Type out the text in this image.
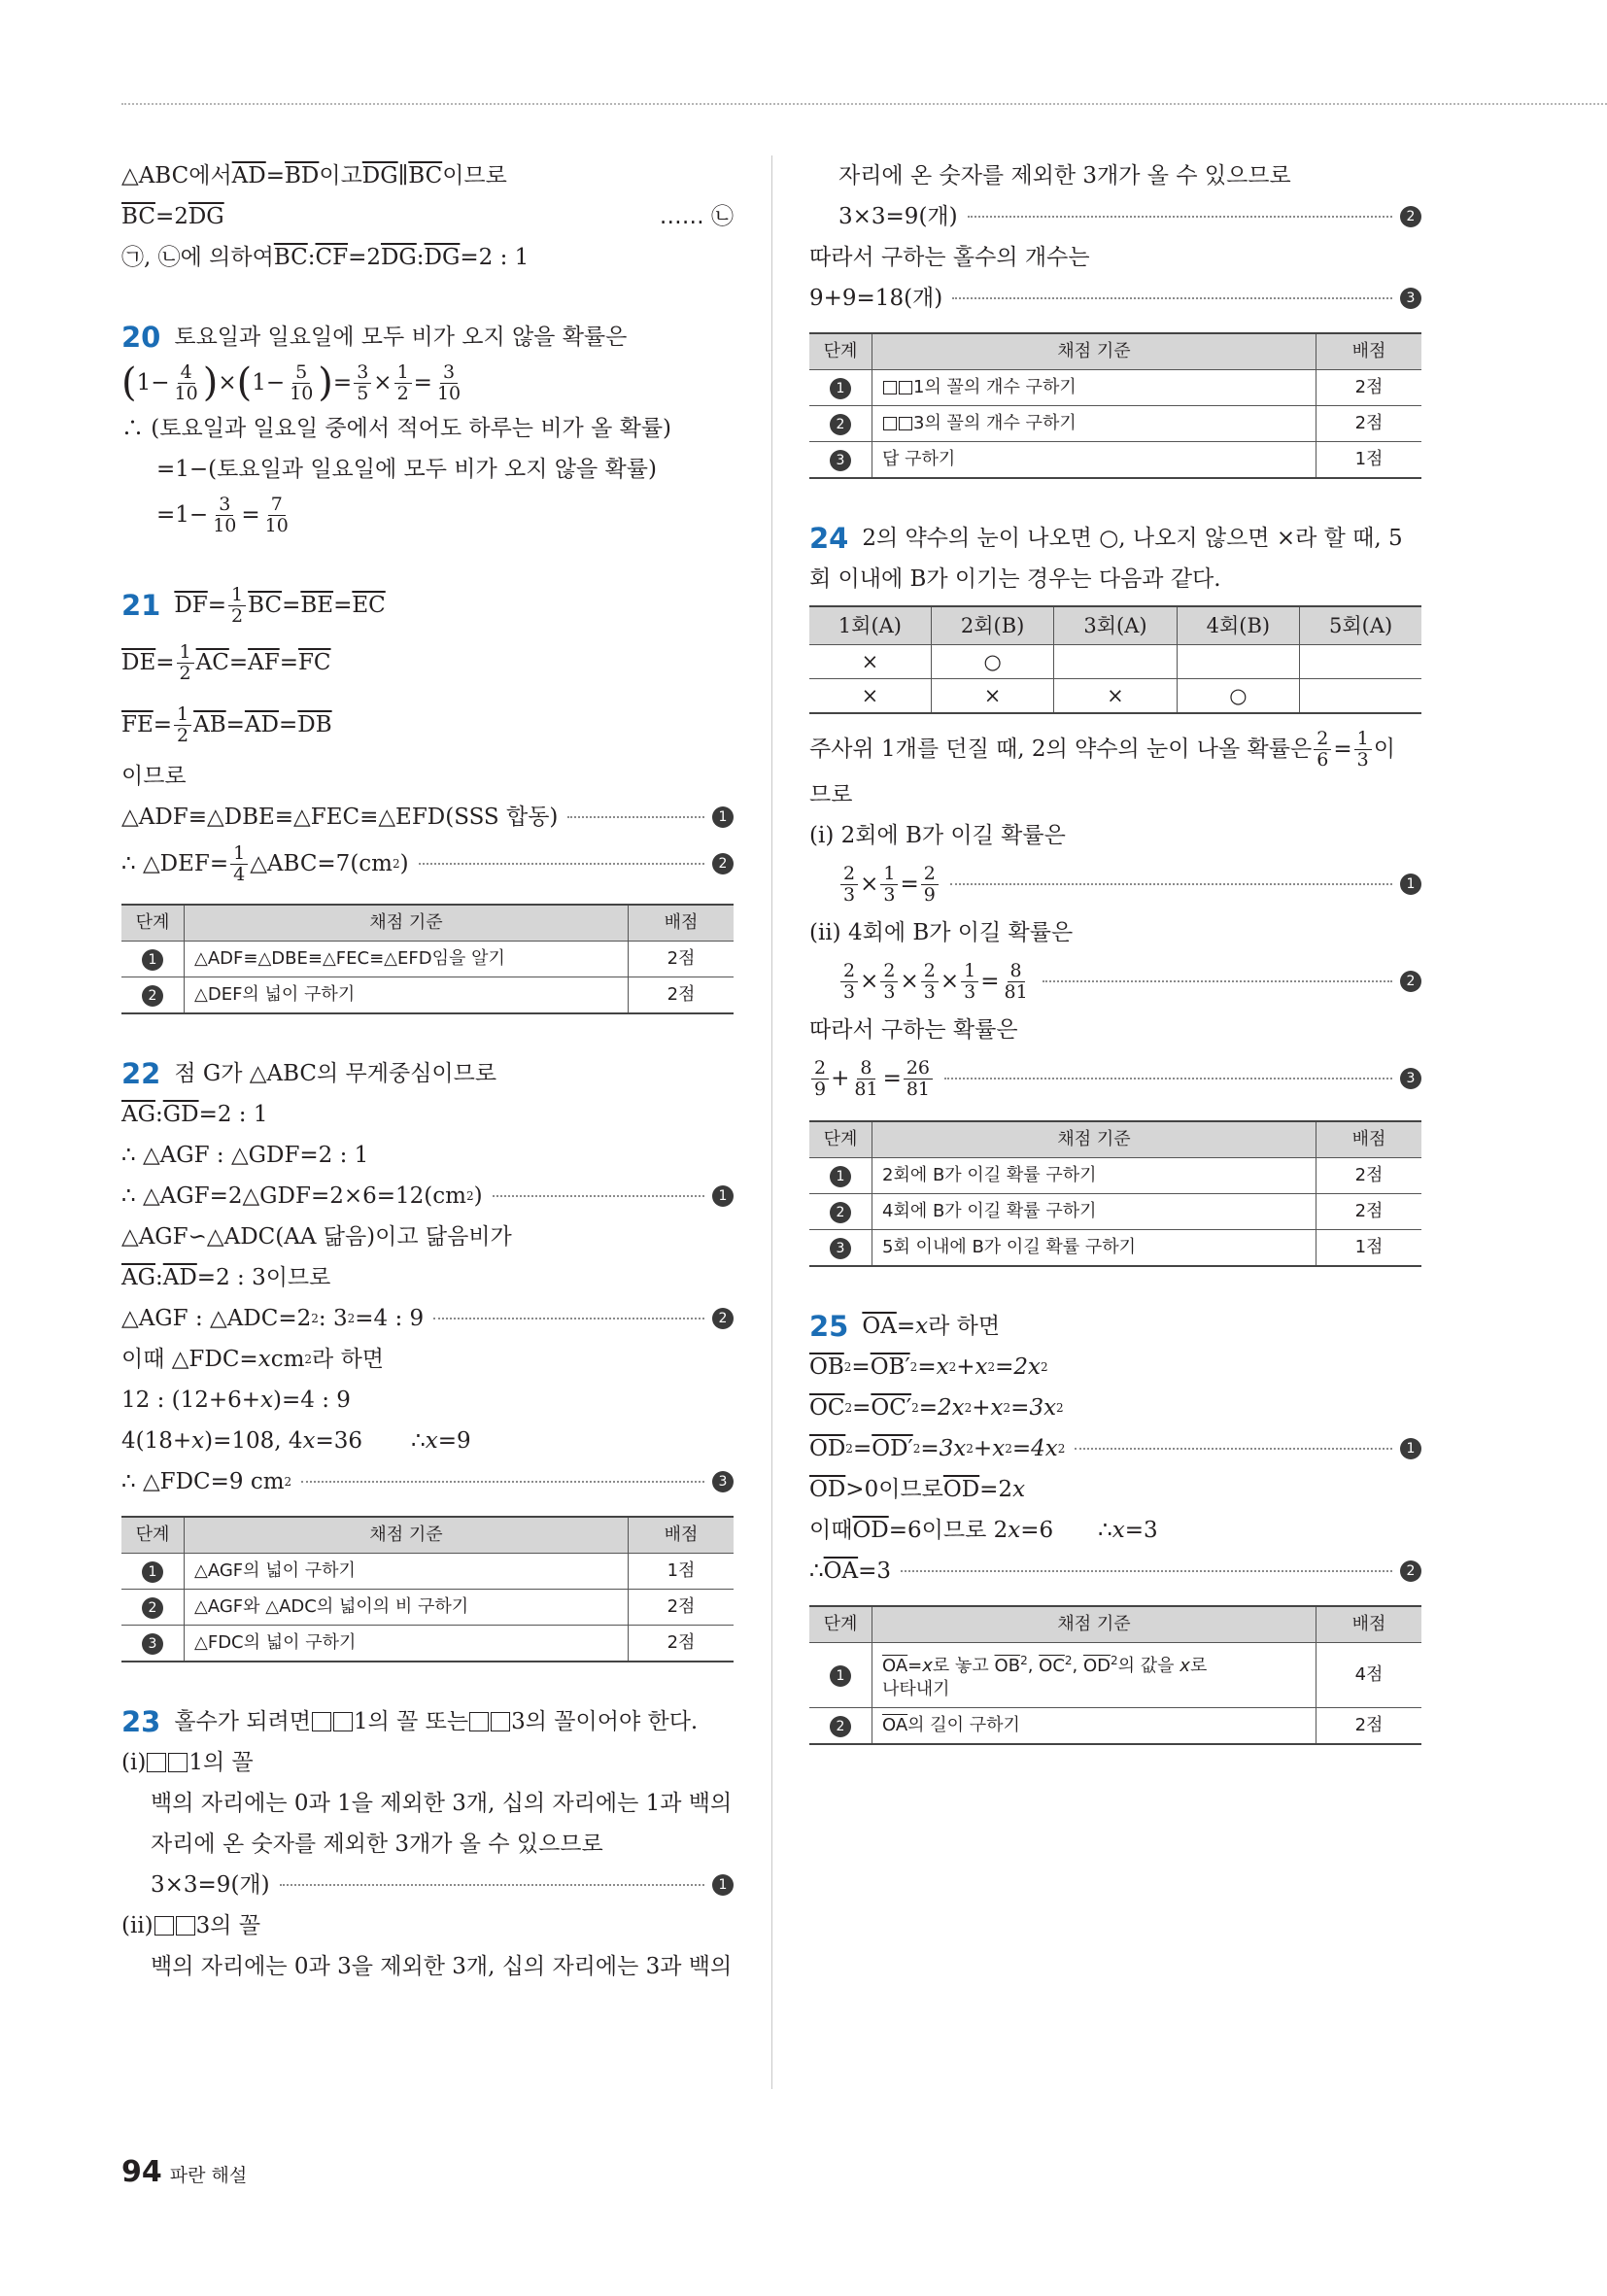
△ABC에서 $\overline{AD} = \overline{BD}$ 이고 $\overline{DG}$ ∥ $\overline{BC}$ 이므로
$\overline{BC} =2$ $\overline{DG}$	…… ㉡
㉠, ㉡에 의하여 $\overline{BC}$ : $\overline{CF} =2$ $\overline{DG}$ : $\overline{DG} =2$ : 1
20 토요일과 일요일에 모두 비가 오지 않을 확률은
( $1- \frac{4}{10}$ ) × ( $1- \frac{5}{10}$ ) = $\frac{3}{5} \times \frac{1}{2} = \frac{3}{10}$
∴ (토요일과 일요일 중에서 적어도 하루는 비가 올 확률)
=1−(토요일과 일요일에 모두 비가 오지 않을 확률)
$=1- \frac{3}{10} = \frac{7}{10}$
21 $\overline{DF} = \frac{1}{2} \overline{BC} = \overline{BE} = \overline{EC}$
$\overline{DE} = \frac{1}{2} \overline{AC} = \overline{AF} = \overline{FC}$
$\overline{FE} = \frac{1}{2} \overline{AB} = \overline{AD} = \overline{DB}$
이므로
△ADF≡△DBE≡△FEC≡△EFD(SSS 합동)	1
∴ △DEF= $\frac{1}{4}$ △ABC=7(cm 2 )	2
단계	채점 기준	배점
1	△ADF≡△DBE≡△FEC≡△EFD임을 알기	2점
2	△DEF의 넓이 구하기	2점
22 점 G가 △ABC의 무게중심이므로
$\overline{AG}$ : $\overline{GD} =2$ : 1
∴ △AGF : △GDF=2 : 1
∴ △AGF=2△GDF=2×6=12(cm 2 )	1
△AGF∽△ADC(AA 닮음)이고 닮음비가
$\overline{AG}$ : $\overline{AD} =2$ : 3이므로
△AGF : △ADC=2 2 : 3 2 =4 : 9	2
이때 △FDC= x cm 2 라 하면
12 : (12+6+ x )=4 : 9
4(18+ x )=108, 4 x =36 ∴ x =9
∴ △FDC=9 cm 2	3
단계	채점 기준	배점
1	△AGF의 넓이 구하기	1점
2	△AGF와 △ADC의 넓이의 비 구하기	2점
3	△FDC의 넓이 구하기	2점
23 홀수가 되려면 1의 꼴 또는 3의 꼴이어야 한다.
(i) 1의 꼴
백의 자리에는 0과 1을 제외한 3개, 십의 자리에는 1과 백의
자리에 온 숫자를 제외한 3개가 올 수 있으므로
3×3=9(개)	1
(ii) 3의 꼴
백의 자리에는 0과 3을 제외한 3개, 십의 자리에는 3과 백의
자리에 온 숫자를 제외한 3개가 올 수 있으므로
3×3=9(개)	2
따라서 구하는 홀수의 개수는
9+9=18(개)	3
단계	채점 기준	배점
1	1의 꼴의 개수 구하기	2점
2	3의 꼴의 개수 구하기	2점
3	답 구하기	1점
24 2의 약수의 눈이 나오면 ○, 나오지 않으면 ×라 할 때, 5
회 이내에 B가 이기는 경우는 다음과 같다.
1회(A)	2회(B)	3회(A)	4회(B)	5회(A)
×	○			
×	×	×	○	
주사위 1개를 던질 때, 2의 약수의 눈이 나올 확률은 $\frac{2}{6} = \frac{1}{3}$ 이
므로
(i) 2회에 B가 이길 확률은
$\frac{2}{3} \times \frac{1}{3} = \frac{2}{9}$	1
(ii) 4회에 B가 이길 확률은
$\frac{2}{3} \times \frac{2}{3} \times \frac{2}{3} \times \frac{1}{3} = \frac{8}{81}$	2
따라서 구하는 확률은
$\frac{2}{9} + \frac{8}{81} = \frac{26}{81}$	3
단계	채점 기준	배점
1	2회에 B가 이길 확률 구하기	2점
2	4회에 B가 이길 확률 구하기	2점
3	5회 이내에 B가 이길 확률 구하기	1점
25 $\overline{OA} = x$ 라 하면
$\overline{OB}$ 2 = OB′ 2 = x 2 + x 2 = 2x 2
$\overline{OC}$ 2 = OC′ 2 = 2x 2 + x 2 = 3x 2
$\overline{OD}$ 2 = OD′ 2 = 3x 2 + x 2 = 4x 2	1
$\overline{OD} >0$이므로 $\overline{OD} =2$ x
이때 $\overline{OD} =6$이므로 2 x =6 ∴ x =3
∴ $\overline{OA} =3$	2
단계	채점 기준	배점
1	$\overline{OA}=x$로 놓고 $\overline{OB}^2$, $\overline{OC}^2$, $\overline{OD}^2$의 값을 x로
나타내기	4점
2	$\overline{OA}$의 길이 구하기	2점
94 파란 해설
